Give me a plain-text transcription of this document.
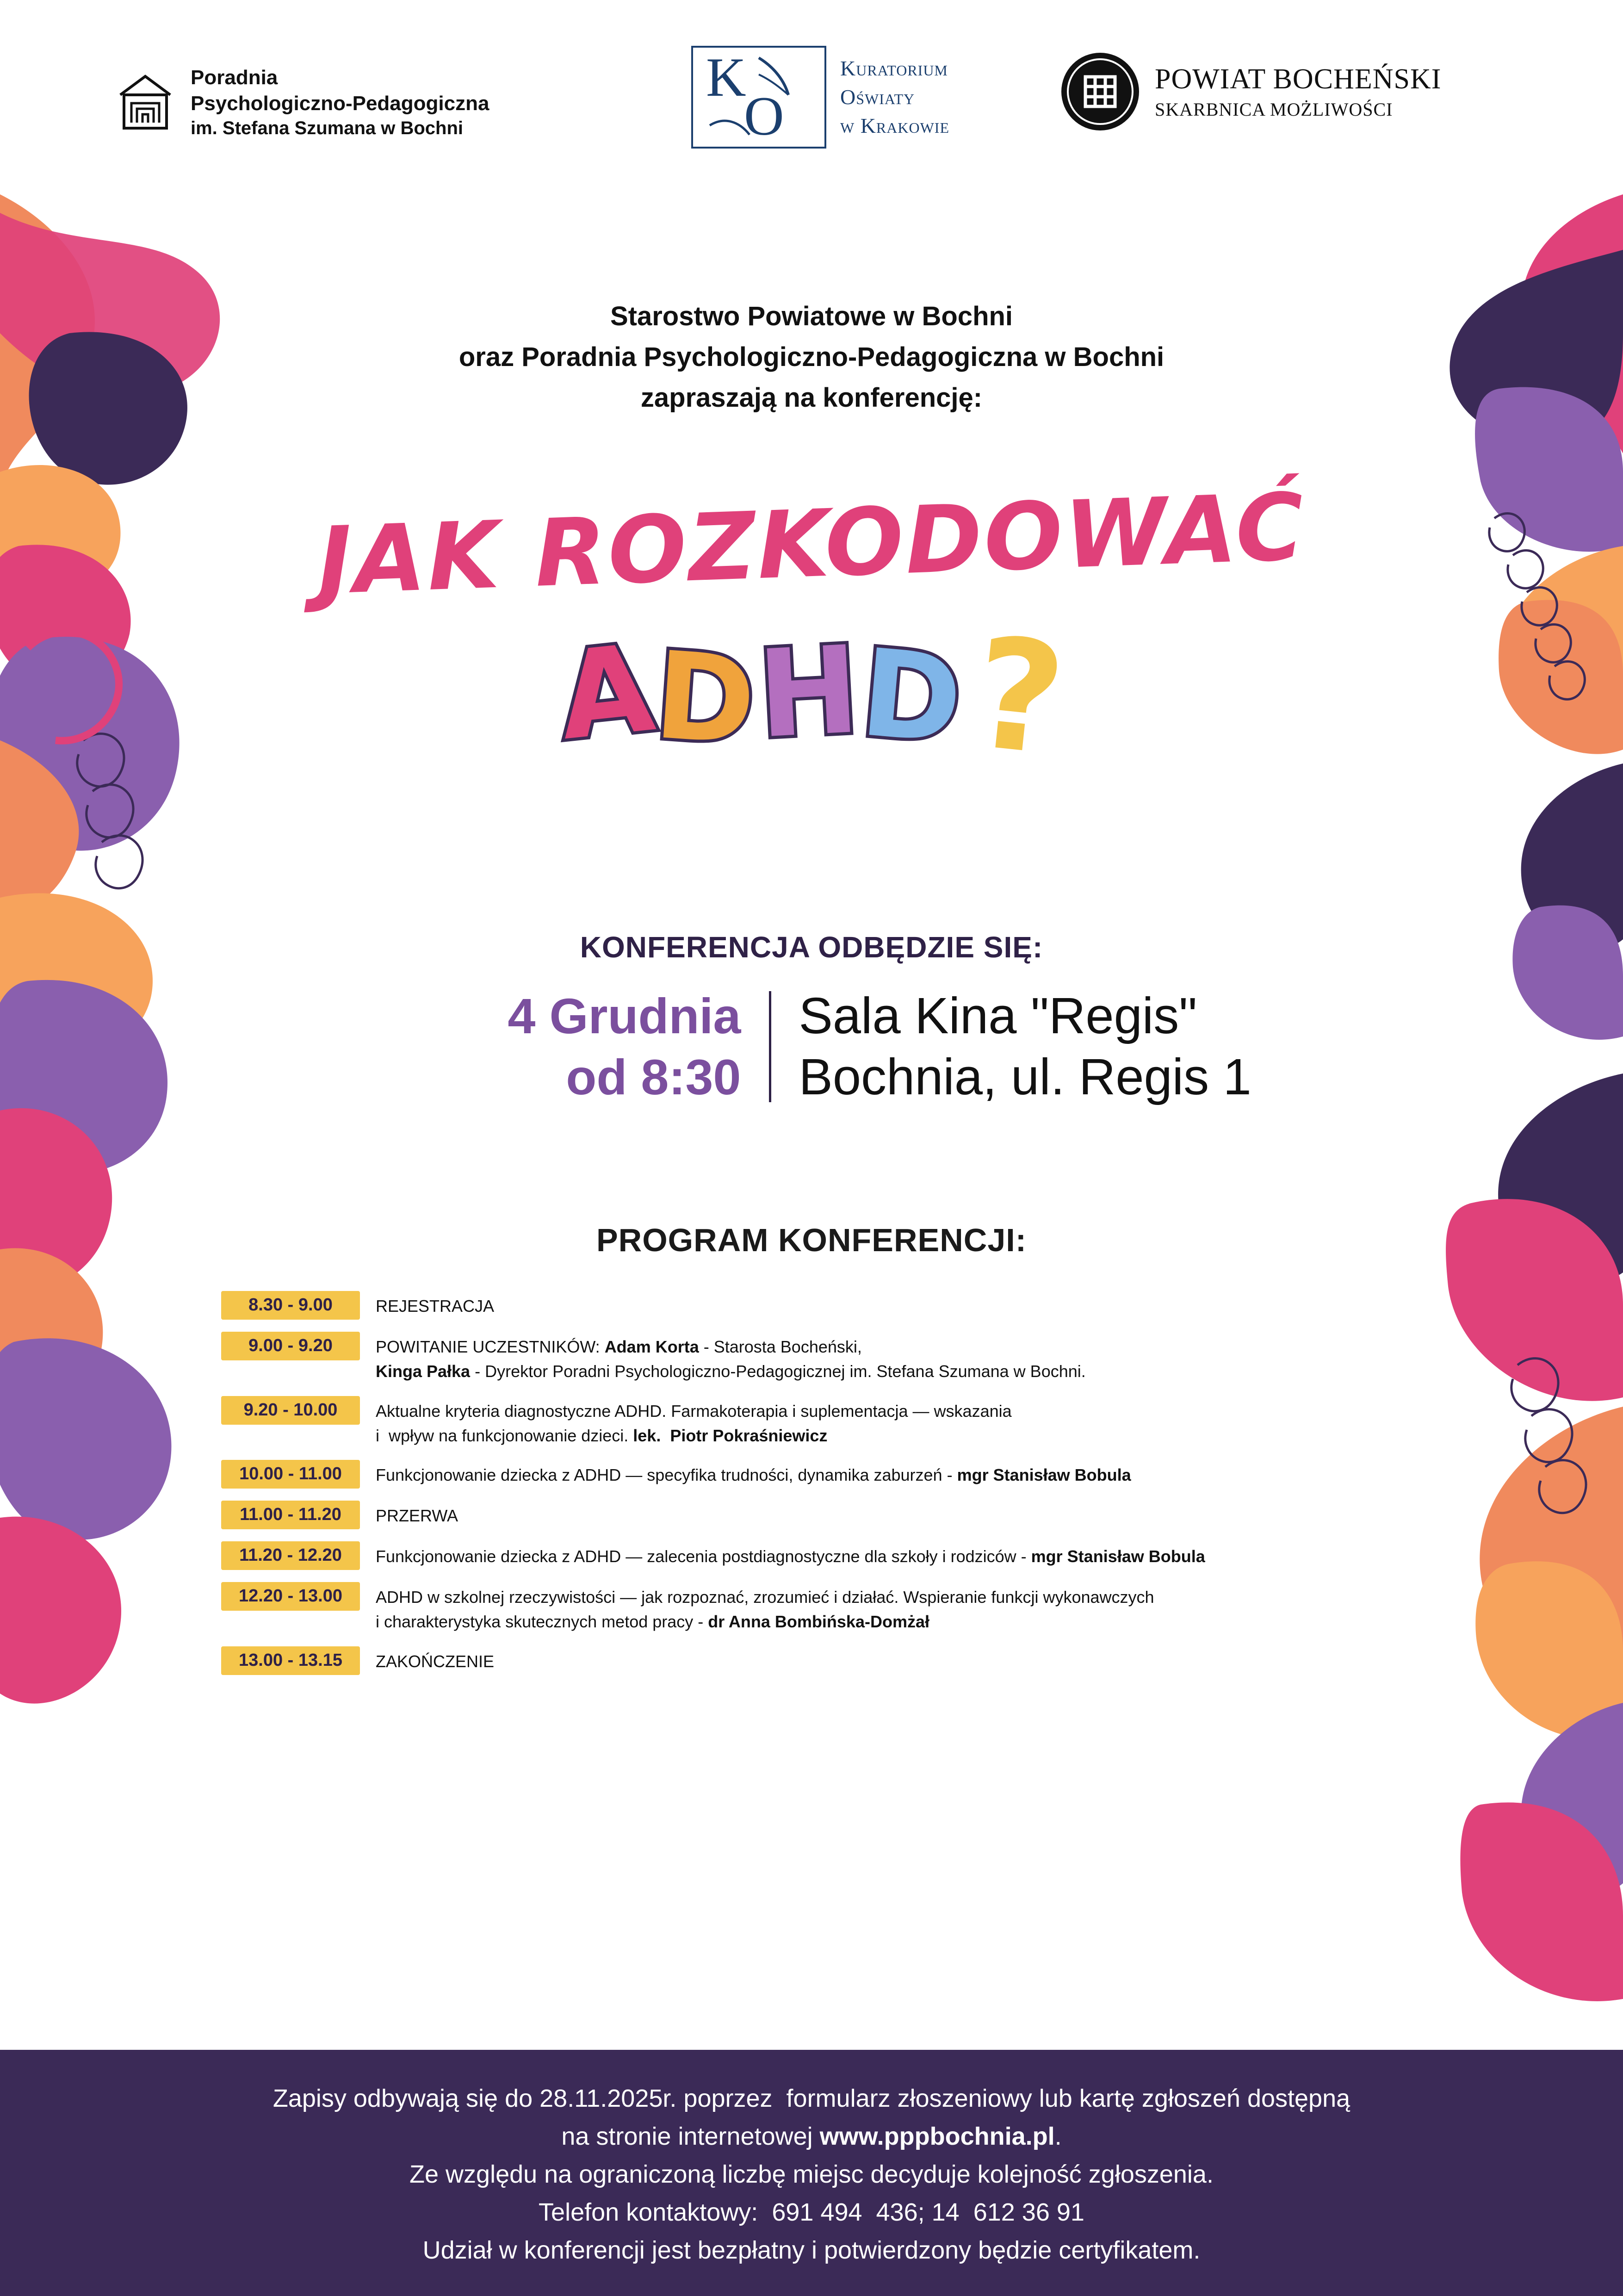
Poradnia
Psychologiczno-Pedagogiczna
im. Stefana Szumana w Bochni
K
O
Kuratorium
Oświaty
w Krakowie
POWIAT BOCHEŃSKI
SKARBNICA MOŻLIWOŚCI
Starostwo Powiatowe w Bochni
oraz Poradnia Psychologiczno-Pedagogiczna w Bochni
zapraszają na konferencję:
JAK ROZKODOWAĆ
ADHD?
KONFERENCJA ODBĘDZIE SIĘ:
4 Grudnia
od 8:30
Sala Kina "Regis"
Bochnia, ul. Regis 1
PROGRAM KONFERENCJI:
8.30 - 9.00	REJESTRACJA
9.00 - 9.20	POWITANIE UCZESTNIKÓW: Adam Korta - Starosta Bocheński,
Kinga Pałka - Dyrektor Poradni Psychologiczno-Pedagogicznej im. Stefana Szumana w Bochni.
9.20 - 10.00	Aktualne kryteria diagnostyczne ADHD. Farmakoterapia i suplementacja — wskazania
i  wpływ na funkcjonowanie dzieci. lek.  Piotr Pokraśniewicz
10.00 - 11.00	Funkcjonowanie dziecka z ADHD — specyfika trudności, dynamika zaburzeń - mgr Stanisław Bobula
11.00 - 11.20	PRZERWA
11.20 - 12.20	Funkcjonowanie dziecka z ADHD — zalecenia postdiagnostyczne dla szkoły i rodziców - mgr Stanisław Bobula
12.20 - 13.00	ADHD w szkolnej rzeczywistości — jak rozpoznać, zrozumieć i działać. Wspieranie funkcji wykonawczych
i charakterystyka skutecznych metod pracy - dr Anna Bombińska-Domżał
13.00 - 13.15	ZAKOŃCZENIE
Zapisy odbywają się do 28.11.2025r. poprzez  formularz złoszeniowy lub kartę zgłoszeń dostępną
na stronie internetowej www.pppbochnia.pl.
Ze względu na ograniczoną liczbę miejsc decyduje kolejność zgłoszenia.
Telefon kontaktowy:  691 494  436; 14  612 36 91
Udział w konferencji jest bezpłatny i potwierdzony będzie certyfikatem.
